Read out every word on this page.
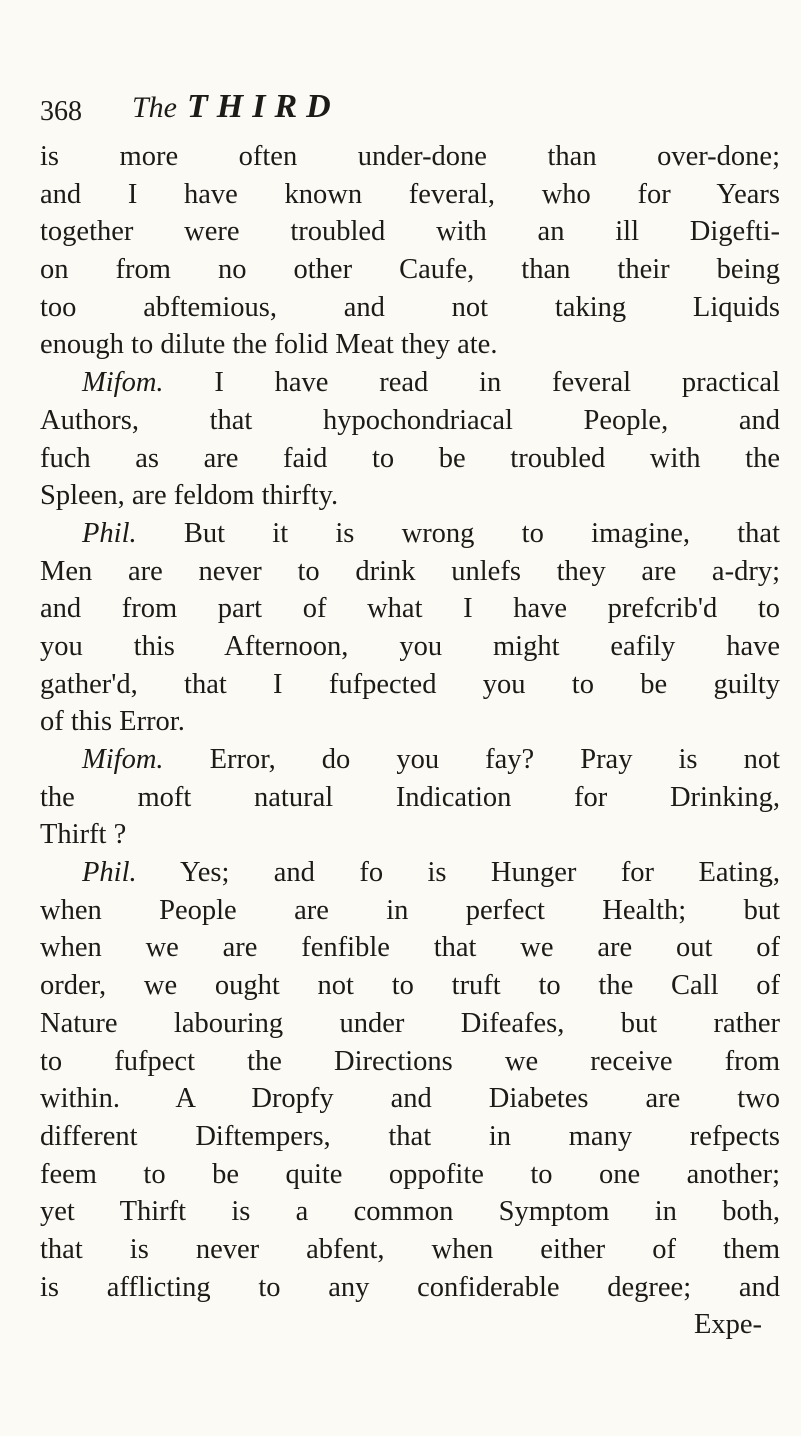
368 The THIRD
is more often under-done than over-done;
and I have known feveral, who for Years
together were troubled with an ill Digefti-
on from no other Caufe, than their being
too abftemious, and not taking Liquids
enough to dilute the folid Meat they ate.
Mifom. I have read in feveral practical
Authors, that hypochondriacal People, and
fuch as are faid to be troubled with the
Spleen, are feldom thirfty.
Phil. But it is wrong to imagine, that
Men are never to drink unlefs they are a-dry;
and from part of what I have prefcrib'd to
you this Afternoon, you might eafily have
gather'd, that I fufpected you to be guilty
of this Error.
Mifom. Error, do you fay? Pray is not
the moft natural Indication for Drinking,
Thirft ?
Phil. Yes; and fo is Hunger for Eating,
when People are in perfect Health; but
when we are fenfible that we are out of
order, we ought not to truft to the Call of
Nature labouring under Difeafes, but rather
to fufpect the Directions we receive from
within. A Dropfy and Diabetes are two
different Diftempers, that in many refpects
feem to be quite oppofite to one another;
yet Thirft is a common Symptom in both,
that is never abfent, when either of them
is afflicting to any confiderable degree; and
Expe-
